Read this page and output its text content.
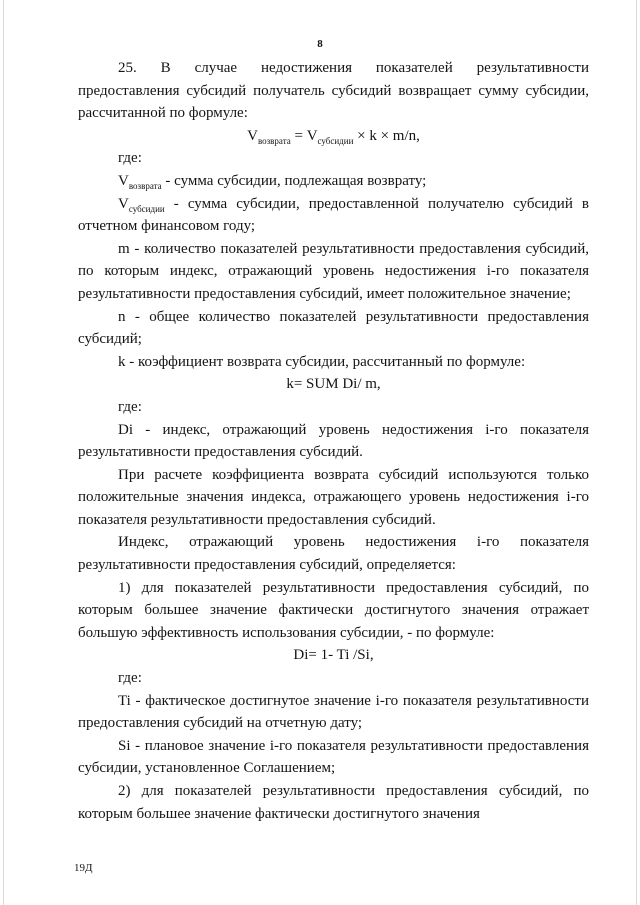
8

25. В случае недостижения показателей результативности предоставления субсидий получатель субсидий возвращает сумму субсидии, рассчитанной по формуле:

$V_{возврата} = V_{субсидии} \times k \times m/n$,

где:

$V_{возврата}$ - сумма субсидии, подлежащая возврату;

$V_{субсидии}$ - сумма субсидии, предоставленной получателю субсидий в отчетном финансовом году;

m - количество показателей результативности предоставления субсидий, по которым индекс, отражающий уровень недостижения i-го показателя результативности предоставления субсидий, имеет положительное значение;

n - общее количество показателей результативности предоставления субсидий;

k - коэффициент возврата субсидии, рассчитанный по формуле:

k= SUM Di/ m,

где:

Di - индекс, отражающий уровень недостижения i-го показателя результативности предоставления субсидий.

При расчете коэффициента возврата субсидий используются только положительные значения индекса, отражающего уровень недостижения i-го показателя результативности предоставления субсидий.

Индекс, отражающий уровень недостижения i-го показателя результативности предоставления субсидий, определяется:

1) для показателей результативности предоставления субсидий, по которым большее значение фактически достигнутого значения отражает большую эффективность использования субсидии, - по формуле:

Di= 1- Ti /Si,

где:

Ti - фактическое достигнутое значение i-го показателя результативности предоставления субсидий на отчетную дату;

Si - плановое значение i-го показателя результативности предоставления субсидии, установленное Соглашением;

2) для показателей результативности предоставления субсидий, по которым большее значение фактически достигнутого значения

19Д
